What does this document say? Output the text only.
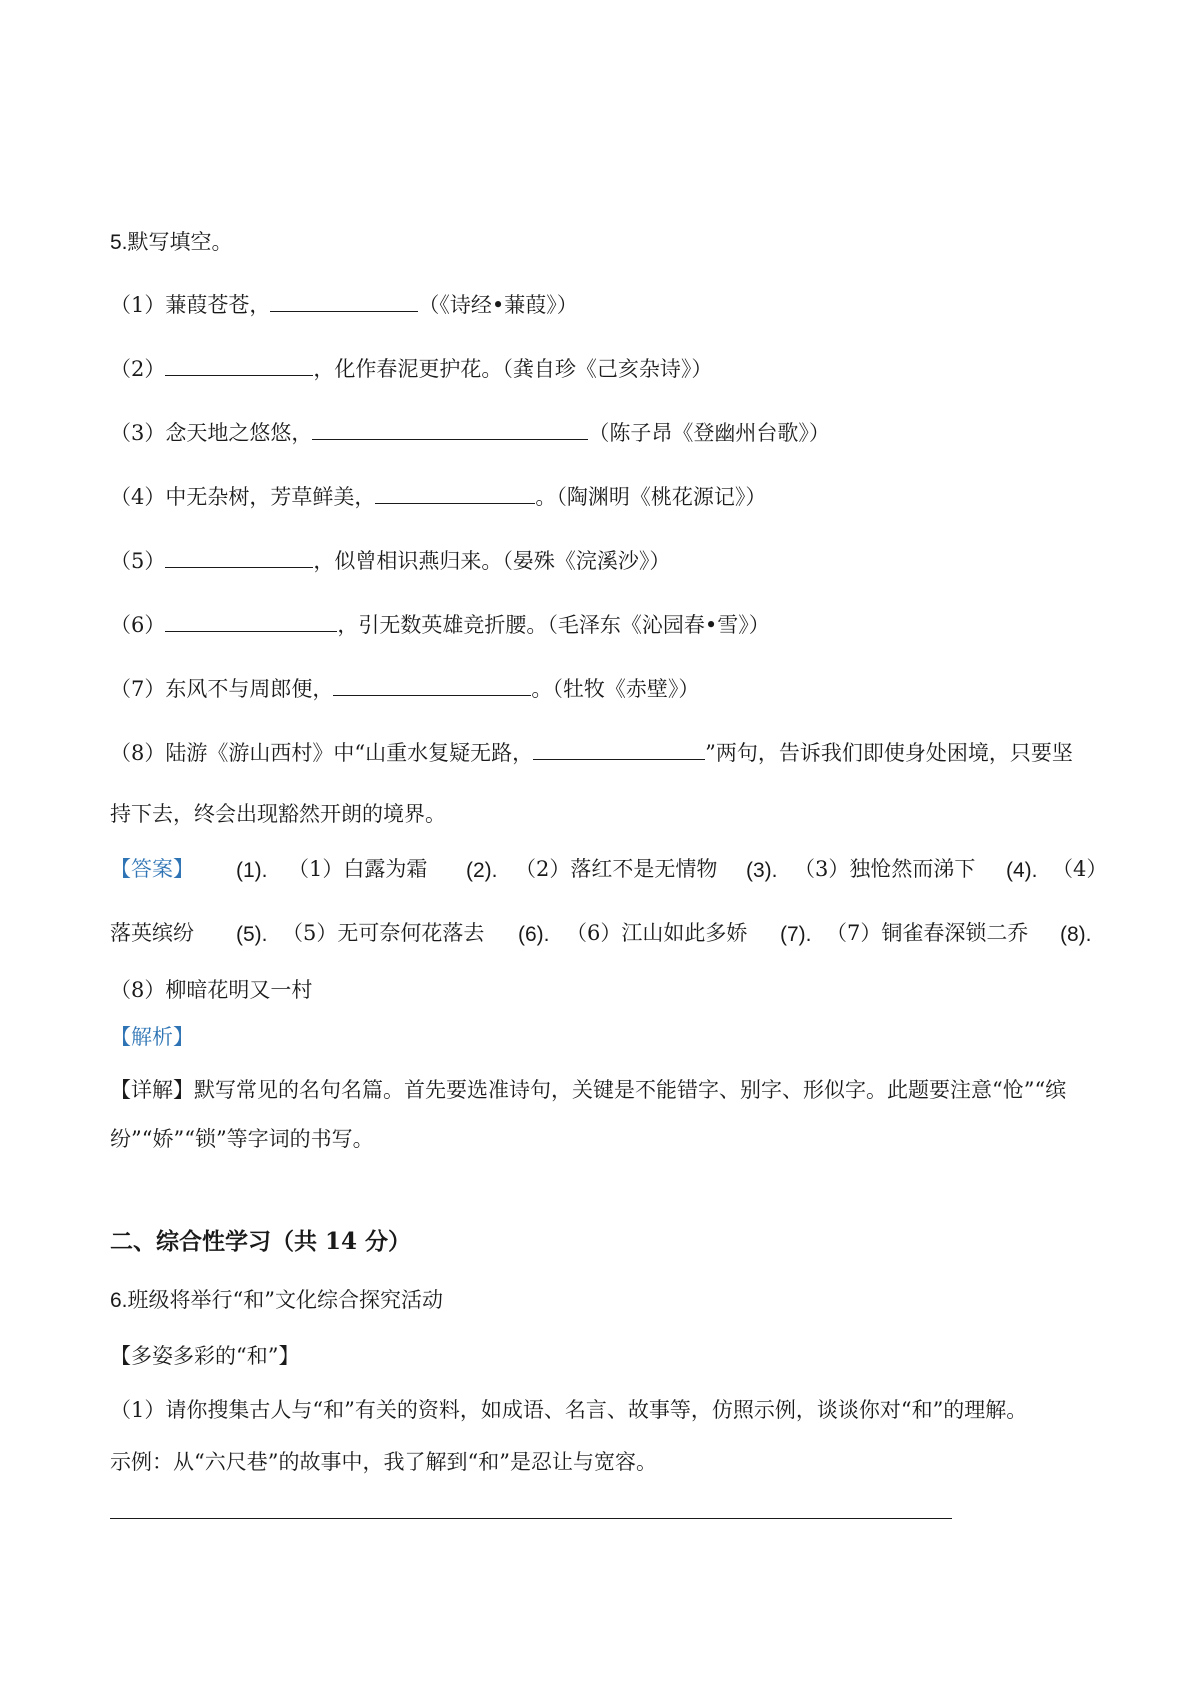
5.默写填空。
（1）蒹葭苍苍，	（《诗经•蒹葭》）
（2）	，化作春泥更护花。（龚自珍《己亥杂诗》）
（3）念天地之悠悠，	（陈子昂《登幽州台歌》）
（4）中无杂树，芳草鲜美，	。（陶渊明《桃花源记》）
（5）	，似曾相识燕归来。（晏殊《浣溪沙》）
（6）	，引无数英雄竞折腰。（毛泽东《沁园春•雪》）
（7）东风不与周郎便，	。（牡牧《赤壁》）
（8）陆游《游山西村》中“山重水复疑无路，	”两句，告诉我们即使身处困境，只要坚
持下去，终会出现豁然开朗的境界。
【答案】 (1). （1）白露为霜 (2). （2）落红不是无情物 (3). （3）独怆然而涕下 (4). （4）
落英缤纷 (5). （5）无可奈何花落去 (6). （6）江山如此多娇 (7). （7）铜雀春深锁二乔 (8).
（8）柳暗花明又一村
【解析】
【详解】默写常见的名句名篇。首先要选准诗句，关键是不能错字、别字、形似字。此题要注意“怆”“缤
纷”“娇”“锁”等字词的书写。
二、综合性学习（共 14 分）
6.班级将举行“和”文化综合探究活动
【多姿多彩的“和”】
（1）请你搜集古人与“和”有关的资料，如成语、名言、故事等，仿照示例，谈谈你对“和”的理解。
示例：从“六尺巷”的故事中，我了解到“和”是忍让与宽容。
